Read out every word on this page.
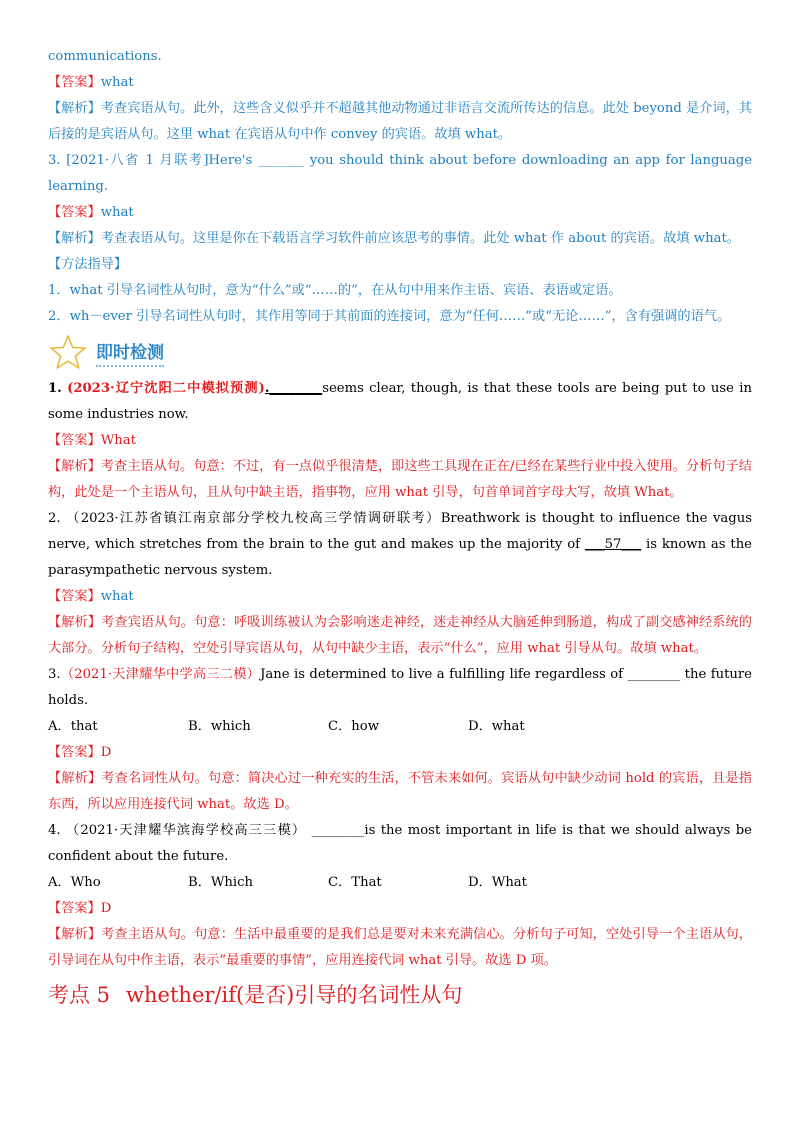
communications.

【答案】what

【解析】考查宾语从句。此外，这些含义似乎并不超越其他动物通过非语言交流所传达的信息。此处 beyond 是介词，其后接的是宾语从句。这里 what 在宾语从句中作 convey 的宾语。故填 what。

3. [2021·八省 1 月联考]Here's _______ you should think about before downloading an app for language learning.

【答案】what

【解析】考查表语从句。这里是你在下载语言学习软件前应该思考的事情。此处 what 作 about 的宾语。故填 what。

【方法指导】

1．what 引导名词性从句时，意为“什么”或“……的”，在从句中用来作主语、宾语、表语或定语。

2．wh－ever 引导名词性从句时，其作用等同于其前面的连接词，意为“任何……”或“无论……”，含有强调的语气。

即时检测

1. (2023·辽宁沈阳二中模拟预测).________seems clear, though, is that these tools are being put to use in some industries now.

【答案】What

【解析】考查主语从句。句意：不过，有一点似乎很清楚，即这些工具现在正在/已经在某些行业中投入使用。分析句子结构，此处是一个主语从句，且从句中缺主语，指事物，应用 what 引导，句首单词首字母大写，故填 What。

2. （2023·江苏省镇江南京部分学校九校高三学情调研联考）Breathwork is thought to influence the vagus nerve, which stretches from the brain to the gut and makes up the majority of ___57___ is known as the parasympathetic nervous system.

【答案】what

【解析】考查宾语从句。句意：呼吸训练被认为会影响迷走神经，迷走神经从大脑延伸到肠道，构成了副交感神经系统的大部分。分析句子结构，空处引导宾语从句，从句中缺少主语，表示“什么”，应用 what 引导从句。故填 what。

3.（2021·天津耀华中学高三二模）Jane is determined to live a fulfilling life regardless of ________ the future holds.

A．that	B．which	C．how	D．what

【答案】D

【解析】考查名词性从句。句意：简决心过一种充实的生活，不管未来如何。宾语从句中缺少动词 hold 的宾语，且是指东西，所以应用连接代词 what。故选 D。

4. （2021·天津耀华滨海学校高三三模） ________is the most important in life is that we should always be confident about the future.

A．Who	B．Which	C．That	D．What

【答案】D

【解析】考查主语从句。句意：生活中最重要的是我们总是要对未来充满信心。分析句子可知，空处引导一个主语从句，引导词在从句中作主语，表示“最重要的事情”，应用连接代词 what 引导。故选 D 项。

考点 5 whether/if(是否)引导的名词性从句
